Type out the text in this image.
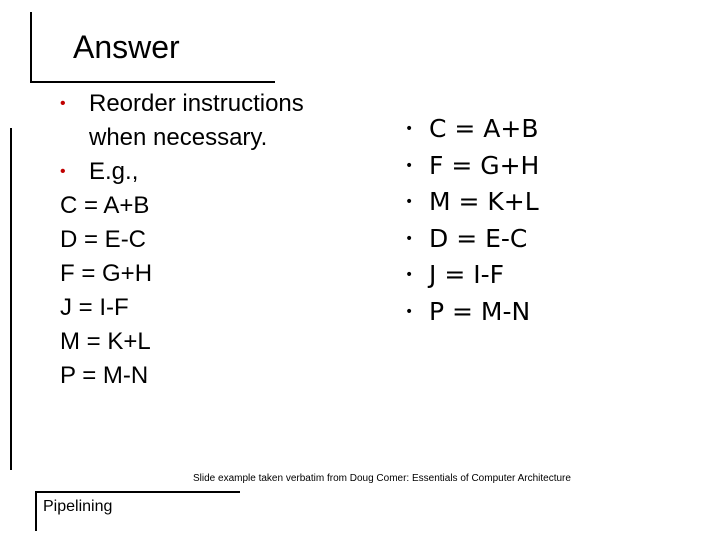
Answer
• Reorder instructions when necessary.
• E.g.,
C = A+B
D = E-C
F = G+H
J = I-F
M = K+L
P = M-N
• C = A+B
• F = G+H
• M = K+L
• D = E-C
• J = I-F
• P = M-N
Slide example taken verbatim from Doug Comer: Essentials of Computer Architecture
Pipelining
